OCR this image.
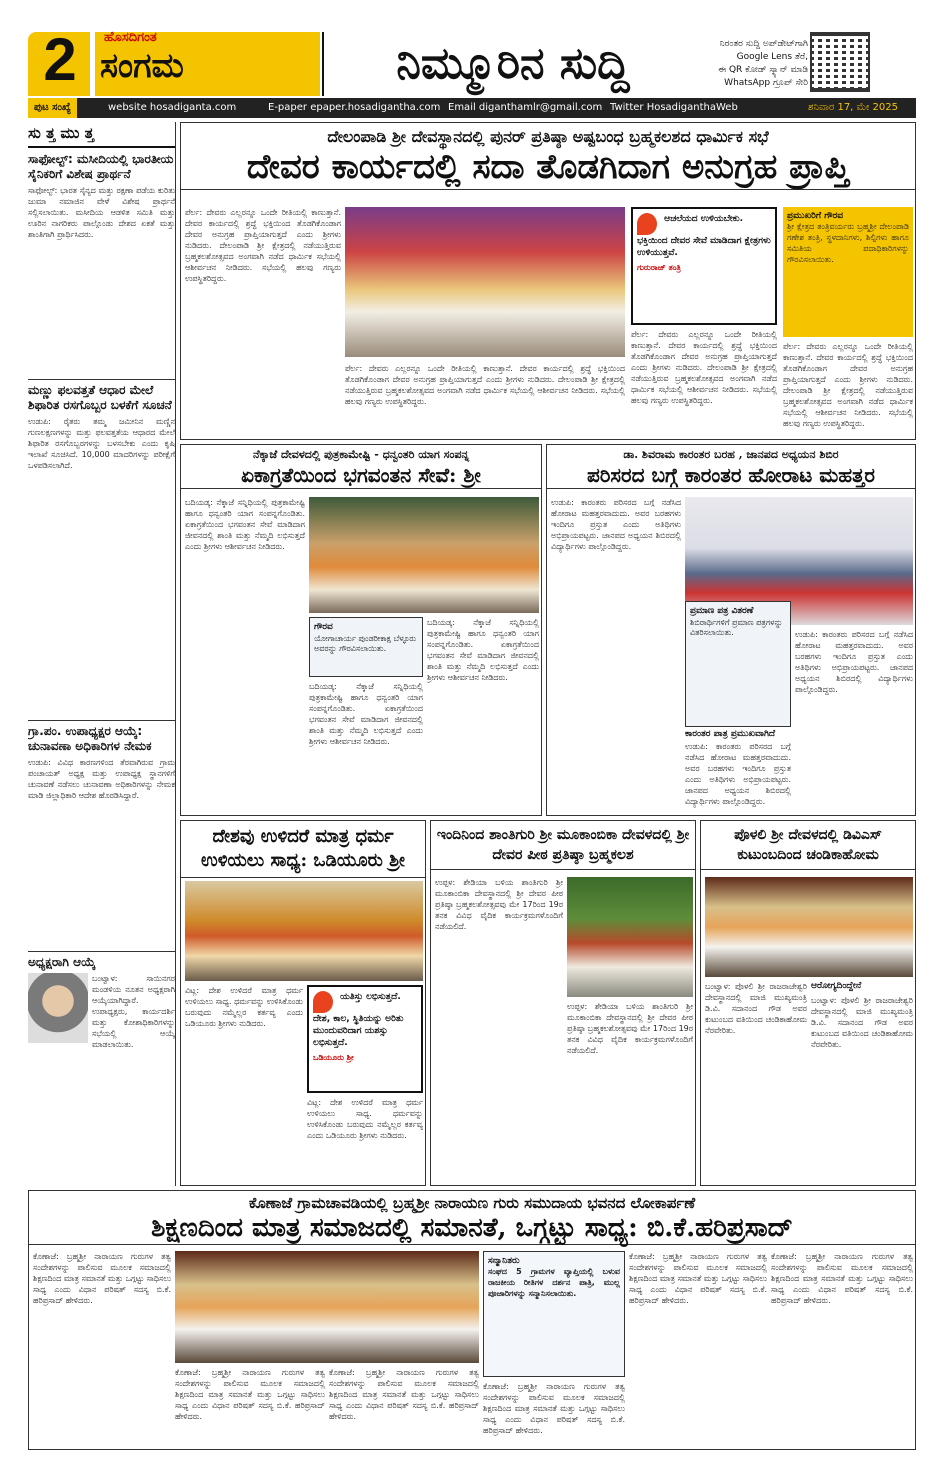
2	ಹೊಸದಿಗಂತ
ಸಂಗಮ	ನಿಮ್ಮೂರಿನ ಸುದ್ದಿ	ನಿರಂತರ ಸುದ್ದಿ ಅಪ್‌ಡೇಟ್‌ಗಾಗಿ
Google Lens ತೆರೆ,
ಈ QR ಕೋಡ್ ಸ್ಕ್ಯಾನ್ ಮಾಡಿ
WhatsApp ಗ್ರೂಪ್ ಸೇರಿ
ಪುಟ ಸಂಖ್ಯೆ	website hosadiganta.com	E-paper epaper.hosadigantha.com Email diganthamlr@gmail.com Twitter HosadiganthaWeb	ಶನಿವಾರ 17, ಮೇ 2025
ಸು ತ್ತ ಮು ತ್ತ
ಸಾಫೋಲ್ಟ್: ಮಸೀದಿಯಲ್ಲಿ ಭಾರತೀಯ ಸೈನಿಕರಿಗೆ ವಿಶೇಷ ಪ್ರಾರ್ಥನೆ
ಸಾಫೋಲ್ಟ್: ಭಾರತ ಸೈನ್ಯದ ಮತ್ತು ರಕ್ಷಣಾ ಪಡೆಯ ಕುರಿತು ಜುಮಾ ನಮಾಜಿನ ವೇಳೆ ವಿಶೇಷ ಪ್ರಾರ್ಥನೆ ಸಲ್ಲಿಸಲಾಯಿತು. ಮಸೀದಿಯ ಆಡಳಿತ ಸಮಿತಿ ಮತ್ತು ಊರಿನ ನಾಗರಿಕರು ಪಾಲ್ಗೊಂಡು ದೇಶದ ಏಕತೆ ಮತ್ತು ಶಾಂತಿಗಾಗಿ ಪ್ರಾರ್ಥಿಸಿದರು.
ಮಣ್ಣು ಫಲವತ್ತತೆ ಆಧಾರ ಮೇಲೆ ಶಿಫಾರಿತ ರಸಗೊಬ್ಬರ ಬಳಕೆಗೆ ಸೂಚನೆ
ಉಡುಪಿ: ರೈತರು ತಮ್ಮ ಜಮೀನಿನ ಮಣ್ಣಿನ ಗುಣಲಕ್ಷಣಗಳನ್ನು ಮತ್ತು ಫಲವತ್ತತೆಯ ಆಧಾರದ ಮೇಲೆ ಶಿಫಾರಿತ ರಸಗೊಬ್ಬರಗಳನ್ನು ಬಳಸಬೇಕು ಎಂದು ಕೃಷಿ ಇಲಾಖೆ ಸೂಚಿಸಿದೆ. 10,000 ಮಾದರಿಗಳನ್ನು ಪರೀಕ್ಷೆಗೆ ಒಳಪಡಿಸಲಾಗಿದೆ.
ಗ್ರಾ.ಪಂ. ಉಪಾಧ್ಯಕ್ಷರ ಆಯ್ಕೆ: ಚುನಾವಣಾ ಅಧಿಕಾರಿಗಳ ನೇಮಕ
ಉಡುಪಿ: ವಿವಿಧ ಕಾರಣಗಳಿಂದ ತೆರವಾಗಿರುವ ಗ್ರಾಮ ಪಂಚಾಯತ್ ಅಧ್ಯಕ್ಷ ಮತ್ತು ಉಪಾಧ್ಯಕ್ಷ ಸ್ಥಾನಗಳಿಗೆ ಚುನಾವಣೆ ನಡೆಸಲು ಚುನಾವಣಾ ಅಧಿಕಾರಿಗಳನ್ನು ನೇಮಕ ಮಾಡಿ ಜಿಲ್ಲಾಧಿಕಾರಿ ಆದೇಶ ಹೊರಡಿಸಿದ್ದಾರೆ.
ಅಧ್ಯಕ್ಷರಾಗಿ ಆಯ್ಕೆ
ಬಂಟ್ವಾಳ: ಸಾಯಿನಗರ ಮಂಡಳಿಯ ನೂತನ ಅಧ್ಯಕ್ಷರಾಗಿ ಆಯ್ಕೆಯಾಗಿದ್ದಾರೆ. ಉಪಾಧ್ಯಕ್ಷರು, ಕಾರ್ಯದರ್ಶಿ ಮತ್ತು ಕೋಶಾಧಿಕಾರಿಗಳನ್ನು ಸಭೆಯಲ್ಲಿ ಆಯ್ಕೆ ಮಾಡಲಾಯಿತು.
ದೇಲಂಪಾಡಿ ಶ್ರೀ ದೇವಸ್ಥಾನದಲ್ಲಿ ಪುನರ್ ಪ್ರತಿಷ್ಠಾ ಅಷ್ಟಬಂಧ ಬ್ರಹ್ಮಕಲಶದ ಧಾರ್ಮಿಕ ಸಭೆ
ದೇವರ ಕಾರ್ಯದಲ್ಲಿ ಸದಾ ತೊಡಗಿದಾಗ ಅನುಗ್ರಹ ಪ್ರಾಪ್ತಿ
ಪೆರ್ಲ: ದೇವರು ಎಲ್ಲರನ್ನೂ ಒಂದೇ ರೀತಿಯಲ್ಲಿ ಕಾಣುತ್ತಾನೆ. ದೇವರ ಕಾರ್ಯದಲ್ಲಿ ಶ್ರದ್ಧೆ ಭಕ್ತಿಯಿಂದ ತೊಡಗಿಕೊಂಡಾಗ ದೇವರ ಅನುಗ್ರಹ ಪ್ರಾಪ್ತಿಯಾಗುತ್ತದೆ ಎಂದು ಶ್ರೀಗಳು ನುಡಿದರು. ದೇಲಂಪಾಡಿ ಶ್ರೀ ಕ್ಷೇತ್ರದಲ್ಲಿ ನಡೆಯುತ್ತಿರುವ ಬ್ರಹ್ಮಕಲಶೋತ್ಸವದ ಅಂಗವಾಗಿ ನಡೆದ ಧಾರ್ಮಿಕ ಸಭೆಯಲ್ಲಿ ಆಶೀರ್ವಚನ ನೀಡಿದರು. ಸಭೆಯಲ್ಲಿ ಹಲವು ಗಣ್ಯರು ಉಪಸ್ಥಿತರಿದ್ದರು.
ಪೆರ್ಲ: ದೇವರು ಎಲ್ಲರನ್ನೂ ಒಂದೇ ರೀತಿಯಲ್ಲಿ ಕಾಣುತ್ತಾನೆ. ದೇವರ ಕಾರ್ಯದಲ್ಲಿ ಶ್ರದ್ಧೆ ಭಕ್ತಿಯಿಂದ ತೊಡಗಿಕೊಂಡಾಗ ದೇವರ ಅನುಗ್ರಹ ಪ್ರಾಪ್ತಿಯಾಗುತ್ತದೆ ಎಂದು ಶ್ರೀಗಳು ನುಡಿದರು. ದೇಲಂಪಾಡಿ ಶ್ರೀ ಕ್ಷೇತ್ರದಲ್ಲಿ ನಡೆಯುತ್ತಿರುವ ಬ್ರಹ್ಮಕಲಶೋತ್ಸವದ ಅಂಗವಾಗಿ ನಡೆದ ಧಾರ್ಮಿಕ ಸಭೆಯಲ್ಲಿ ಆಶೀರ್ವಚನ ನೀಡಿದರು. ಸಭೆಯಲ್ಲಿ ಹಲವು ಗಣ್ಯರು ಉಪಸ್ಥಿತರಿದ್ದರು.
ಆಚಲೆಯದ ಉಳಿಯಬೇಕು. ಭಕ್ತಿಯಿಂದ ದೇವರ ಸೇವೆ ಮಾಡಿದಾಗ ಕ್ಷೇತ್ರಗಳು ಉಳಿಯುತ್ತವೆ.
ಗುರುರಾಜ್ ತಂತ್ರಿ
ಪೆರ್ಲ: ದೇವರು ಎಲ್ಲರನ್ನೂ ಒಂದೇ ರೀತಿಯಲ್ಲಿ ಕಾಣುತ್ತಾನೆ. ದೇವರ ಕಾರ್ಯದಲ್ಲಿ ಶ್ರದ್ಧೆ ಭಕ್ತಿಯಿಂದ ತೊಡಗಿಕೊಂಡಾಗ ದೇವರ ಅನುಗ್ರಹ ಪ್ರಾಪ್ತಿಯಾಗುತ್ತದೆ ಎಂದು ಶ್ರೀಗಳು ನುಡಿದರು. ದೇಲಂಪಾಡಿ ಶ್ರೀ ಕ್ಷೇತ್ರದಲ್ಲಿ ನಡೆಯುತ್ತಿರುವ ಬ್ರಹ್ಮಕಲಶೋತ್ಸವದ ಅಂಗವಾಗಿ ನಡೆದ ಧಾರ್ಮಿಕ ಸಭೆಯಲ್ಲಿ ಆಶೀರ್ವಚನ ನೀಡಿದರು. ಸಭೆಯಲ್ಲಿ ಹಲವು ಗಣ್ಯರು ಉಪಸ್ಥಿತರಿದ್ದರು.
ಪ್ರಮುಖರಿಗೆ ಗೌರವ
ಶ್ರೀ ಕ್ಷೇತ್ರದ ತಂತ್ರಿವರ್ಯರು ಬ್ರಹ್ಮಶ್ರೀ ದೇಲಂಪಾಡಿ ಗಣೇಶ ತಂತ್ರಿ, ಸ್ಥಳದಾನಿಗಳು, ಶಿಲ್ಪಿಗಳು ಹಾಗೂ ಸಮಿತಿಯ ಪದಾಧಿಕಾರಿಗಳನ್ನು ಗೌರವಿಸಲಾಯಿತು.
ಪೆರ್ಲ: ದೇವರು ಎಲ್ಲರನ್ನೂ ಒಂದೇ ರೀತಿಯಲ್ಲಿ ಕಾಣುತ್ತಾನೆ. ದೇವರ ಕಾರ್ಯದಲ್ಲಿ ಶ್ರದ್ಧೆ ಭಕ್ತಿಯಿಂದ ತೊಡಗಿಕೊಂಡಾಗ ದೇವರ ಅನುಗ್ರಹ ಪ್ರಾಪ್ತಿಯಾಗುತ್ತದೆ ಎಂದು ಶ್ರೀಗಳು ನುಡಿದರು. ದೇಲಂಪಾಡಿ ಶ್ರೀ ಕ್ಷೇತ್ರದಲ್ಲಿ ನಡೆಯುತ್ತಿರುವ ಬ್ರಹ್ಮಕಲಶೋತ್ಸವದ ಅಂಗವಾಗಿ ನಡೆದ ಧಾರ್ಮಿಕ ಸಭೆಯಲ್ಲಿ ಆಶೀರ್ವಚನ ನೀಡಿದರು. ಸಭೆಯಲ್ಲಿ ಹಲವು ಗಣ್ಯರು ಉಪಸ್ಥಿತರಿದ್ದರು.
ನೆಕ್ಕಾಜೆ ದೇವಳದಲ್ಲಿ ಪುತ್ರಕಾಮೇಷ್ಟಿ - ಧನ್ವಂತರಿ ಯಾಗ ಸಂಪನ್ನ
ಏಕಾಗ್ರತೆಯಿಂದ ಭಗವಂತನ ಸೇವೆ: ಶ್ರೀ
ಬದಿಯಡ್ಕ: ನೆಕ್ಕಾಜೆ ಸನ್ನಿಧಿಯಲ್ಲಿ ಪುತ್ರಕಾಮೇಷ್ಟಿ ಹಾಗೂ ಧನ್ವಂತರಿ ಯಾಗ ಸಂಪನ್ನಗೊಂಡಿತು. ಏಕಾಗ್ರತೆಯಿಂದ ಭಗವಂತನ ಸೇವೆ ಮಾಡಿದಾಗ ಜೀವನದಲ್ಲಿ ಶಾಂತಿ ಮತ್ತು ನೆಮ್ಮದಿ ಲಭಿಸುತ್ತದೆ ಎಂದು ಶ್ರೀಗಳು ಆಶೀರ್ವಚನ ನೀಡಿದರು.
ಗೌರವ
ಯೋಗಾಚಾರ್ಯ ಪುಂಡರೀಕಾಕ್ಷ ಬೆಳ್ಳೂರು ಅವರನ್ನು ಗೌರವಿಸಲಾಯಿತು.
ಬದಿಯಡ್ಕ: ನೆಕ್ಕಾಜೆ ಸನ್ನಿಧಿಯಲ್ಲಿ ಪುತ್ರಕಾಮೇಷ್ಟಿ ಹಾಗೂ ಧನ್ವಂತರಿ ಯಾಗ ಸಂಪನ್ನಗೊಂಡಿತು. ಏಕಾಗ್ರತೆಯಿಂದ ಭಗವಂತನ ಸೇವೆ ಮಾಡಿದಾಗ ಜೀವನದಲ್ಲಿ ಶಾಂತಿ ಮತ್ತು ನೆಮ್ಮದಿ ಲಭಿಸುತ್ತದೆ ಎಂದು ಶ್ರೀಗಳು ಆಶೀರ್ವಚನ ನೀಡಿದರು.
ಬದಿಯಡ್ಕ: ನೆಕ್ಕಾಜೆ ಸನ್ನಿಧಿಯಲ್ಲಿ ಪುತ್ರಕಾಮೇಷ್ಟಿ ಹಾಗೂ ಧನ್ವಂತರಿ ಯಾಗ ಸಂಪನ್ನಗೊಂಡಿತು. ಏಕಾಗ್ರತೆಯಿಂದ ಭಗವಂತನ ಸೇವೆ ಮಾಡಿದಾಗ ಜೀವನದಲ್ಲಿ ಶಾಂತಿ ಮತ್ತು ನೆಮ್ಮದಿ ಲಭಿಸುತ್ತದೆ ಎಂದು ಶ್ರೀಗಳು ಆಶೀರ್ವಚನ ನೀಡಿದರು.
ಡಾ. ಶಿವರಾಮ ಕಾರಂತರ ಬರಹ , ಜಾನಪದ ಅಧ್ಯಯನ ಶಿಬಿರ
ಪರಿಸರದ ಬಗ್ಗೆ ಕಾರಂತರ ಹೋರಾಟ ಮಹತ್ತರ
ಉಡುಪಿ: ಕಾರಂತರು ಪರಿಸರದ ಬಗ್ಗೆ ನಡೆಸಿದ ಹೋರಾಟ ಮಹತ್ತರವಾದುದು. ಅವರ ಬರಹಗಳು ಇಂದಿಗೂ ಪ್ರಸ್ತುತ ಎಂದು ಅತಿಥಿಗಳು ಅಭಿಪ್ರಾಯಪಟ್ಟರು. ಜಾನಪದ ಅಧ್ಯಯನ ಶಿಬಿರದಲ್ಲಿ ವಿದ್ಯಾರ್ಥಿಗಳು ಪಾಲ್ಗೊಂಡಿದ್ದರು.
ಪ್ರಮಾಣ ಪತ್ರ ವಿತರಣೆ
ಶಿಬಿರಾರ್ಥಿಗಳಿಗೆ ಪ್ರಮಾಣ ಪತ್ರಗಳನ್ನು ವಿತರಿಸಲಾಯಿತು.
ಕಾರಂತರ ಪಾತ್ರ ಪ್ರಮುಖವಾಗಿದೆ
ಉಡುಪಿ: ಕಾರಂತರು ಪರಿಸರದ ಬಗ್ಗೆ ನಡೆಸಿದ ಹೋರಾಟ ಮಹತ್ತರವಾದುದು. ಅವರ ಬರಹಗಳು ಇಂದಿಗೂ ಪ್ರಸ್ತುತ ಎಂದು ಅತಿಥಿಗಳು ಅಭಿಪ್ರಾಯಪಟ್ಟರು. ಜಾನಪದ ಅಧ್ಯಯನ ಶಿಬಿರದಲ್ಲಿ ವಿದ್ಯಾರ್ಥಿಗಳು ಪಾಲ್ಗೊಂಡಿದ್ದರು.
ಉಡುಪಿ: ಕಾರಂತರು ಪರಿಸರದ ಬಗ್ಗೆ ನಡೆಸಿದ ಹೋರಾಟ ಮಹತ್ತರವಾದುದು. ಅವರ ಬರಹಗಳು ಇಂದಿಗೂ ಪ್ರಸ್ತುತ ಎಂದು ಅತಿಥಿಗಳು ಅಭಿಪ್ರಾಯಪಟ್ಟರು. ಜಾನಪದ ಅಧ್ಯಯನ ಶಿಬಿರದಲ್ಲಿ ವಿದ್ಯಾರ್ಥಿಗಳು ಪಾಲ್ಗೊಂಡಿದ್ದರು.
ದೇಶವು ಉಳಿದರೆ ಮಾತ್ರ ಧರ್ಮ ಉಳಿಯಲು ಸಾಧ್ಯ: ಒಡಿಯೂರು ಶ್ರೀ
ವಿಟ್ಲ: ದೇಶ ಉಳಿದರೆ ಮಾತ್ರ ಧರ್ಮ ಉಳಿಯಲು ಸಾಧ್ಯ. ಧರ್ಮವನ್ನು ಉಳಿಸಿಕೊಂಡು ಬರುವುದು ನಮ್ಮೆಲ್ಲರ ಕರ್ತವ್ಯ ಎಂದು ಒಡಿಯೂರು ಶ್ರೀಗಳು ನುಡಿದರು.
ಯತಿಸ್ತು ಲಭಿಸುತ್ತದೆ. ದೇಶ, ಕಾಲ, ಸ್ಥಿತಿಯನ್ನು ಅರಿತು ಮುಂದುವರಿದಾಗ ಯಶಸ್ಸು ಲಭಿಸುತ್ತದೆ.
ಒಡಿಯೂರು ಶ್ರೀ
ವಿಟ್ಲ: ದೇಶ ಉಳಿದರೆ ಮಾತ್ರ ಧರ್ಮ ಉಳಿಯಲು ಸಾಧ್ಯ. ಧರ್ಮವನ್ನು ಉಳಿಸಿಕೊಂಡು ಬರುವುದು ನಮ್ಮೆಲ್ಲರ ಕರ್ತವ್ಯ ಎಂದು ಒಡಿಯೂರು ಶ್ರೀಗಳು ನುಡಿದರು.
ಇಂದಿನಿಂದ ಶಾಂತಿಗುರಿ ಶ್ರೀ ಮೂಕಾಂಬಿಕಾ ದೇವಳದಲ್ಲಿ ಶ್ರೀ ದೇವರ ಪೀಠ ಪ್ರತಿಷ್ಠಾ ಬ್ರಹ್ಮಕಲಶ
ಉಪ್ಪಳ: ಶೇಡಿಯಾ ಬಳಿಯ ಶಾಂತಿಗುರಿ ಶ್ರೀ ಮೂಕಾಂಬಿಕಾ ದೇವಸ್ಥಾನದಲ್ಲಿ ಶ್ರೀ ದೇವರ ಪೀಠ ಪ್ರತಿಷ್ಠಾ ಬ್ರಹ್ಮಕಲಶೋತ್ಸವವು ಮೇ 17ರಿಂದ 19ರ ತನಕ ವಿವಿಧ ವೈದಿಕ ಕಾರ್ಯಕ್ರಮಗಳೊಂದಿಗೆ ನಡೆಯಲಿದೆ.
ಉಪ್ಪಳ: ಶೇಡಿಯಾ ಬಳಿಯ ಶಾಂತಿಗುರಿ ಶ್ರೀ ಮೂಕಾಂಬಿಕಾ ದೇವಸ್ಥಾನದಲ್ಲಿ ಶ್ರೀ ದೇವರ ಪೀಠ ಪ್ರತಿಷ್ಠಾ ಬ್ರಹ್ಮಕಲಶೋತ್ಸವವು ಮೇ 17ರಿಂದ 19ರ ತನಕ ವಿವಿಧ ವೈದಿಕ ಕಾರ್ಯಕ್ರಮಗಳೊಂದಿಗೆ ನಡೆಯಲಿದೆ.
ಪೊಳಲಿ ಶ್ರೀ ದೇವಳದಲ್ಲಿ ಡಿವಿಎಸ್ ಕುಟುಂಬದಿಂದ ಚಂಡಿಕಾಹೋಮ
ಬಂಟ್ವಾಳ: ಪೊಳಲಿ ಶ್ರೀ ರಾಜರಾಜೇಶ್ವರಿ ದೇವಸ್ಥಾನದಲ್ಲಿ ಮಾಜಿ ಮುಖ್ಯಮಂತ್ರಿ ಡಿ.ವಿ. ಸದಾನಂದ ಗೌಡ ಅವರ ಕುಟುಂಬದ ವತಿಯಿಂದ ಚಂಡಿಕಾಹೋಮ ನೆರವೇರಿತು.
ಆರೋಗ್ಯದಿಂದ್ದೇನೆ
ಬಂಟ್ವಾಳ: ಪೊಳಲಿ ಶ್ರೀ ರಾಜರಾಜೇಶ್ವರಿ ದೇವಸ್ಥಾನದಲ್ಲಿ ಮಾಜಿ ಮುಖ್ಯಮಂತ್ರಿ ಡಿ.ವಿ. ಸದಾನಂದ ಗೌಡ ಅವರ ಕುಟುಂಬದ ವತಿಯಿಂದ ಚಂಡಿಕಾಹೋಮ ನೆರವೇರಿತು.
ಕೊಣಾಜೆ ಗ್ರಾಮಚಾವಡಿಯಲ್ಲಿ ಬ್ರಹ್ಮಶ್ರೀ ನಾರಾಯಣ ಗುರು ಸಮುದಾಯ ಭವನದ ಲೋಕಾರ್ಪಣೆ
ಶಿಕ್ಷಣದಿಂದ ಮಾತ್ರ ಸಮಾಜದಲ್ಲಿ ಸಮಾನತೆ, ಒಗ್ಗಟ್ಟು ಸಾಧ್ಯ: ಬಿ.ಕೆ.ಹರಿಪ್ರಸಾದ್
ಕೊಣಾಜೆ: ಬ್ರಹ್ಮಶ್ರೀ ನಾರಾಯಣ ಗುರುಗಳ ತತ್ವ ಸಂದೇಶಗಳನ್ನು ಪಾಲಿಸುವ ಮೂಲಕ ಸಮಾಜದಲ್ಲಿ ಶಿಕ್ಷಣದಿಂದ ಮಾತ್ರ ಸಮಾನತೆ ಮತ್ತು ಒಗ್ಗಟ್ಟು ಸಾಧಿಸಲು ಸಾಧ್ಯ ಎಂದು ವಿಧಾನ ಪರಿಷತ್ ಸದಸ್ಯ ಬಿ.ಕೆ. ಹರಿಪ್ರಸಾದ್ ಹೇಳಿದರು.
ಕೊಣಾಜೆ: ಬ್ರಹ್ಮಶ್ರೀ ನಾರಾಯಣ ಗುರುಗಳ ತತ್ವ ಸಂದೇಶಗಳನ್ನು ಪಾಲಿಸುವ ಮೂಲಕ ಸಮಾಜದಲ್ಲಿ ಶಿಕ್ಷಣದಿಂದ ಮಾತ್ರ ಸಮಾನತೆ ಮತ್ತು ಒಗ್ಗಟ್ಟು ಸಾಧಿಸಲು ಸಾಧ್ಯ ಎಂದು ವಿಧಾನ ಪರಿಷತ್ ಸದಸ್ಯ ಬಿ.ಕೆ. ಹರಿಪ್ರಸಾದ್ ಹೇಳಿದರು.
ಕೊಣಾಜೆ: ಬ್ರಹ್ಮಶ್ರೀ ನಾರಾಯಣ ಗುರುಗಳ ತತ್ವ ಸಂದೇಶಗಳನ್ನು ಪಾಲಿಸುವ ಮೂಲಕ ಸಮಾಜದಲ್ಲಿ ಶಿಕ್ಷಣದಿಂದ ಮಾತ್ರ ಸಮಾನತೆ ಮತ್ತು ಒಗ್ಗಟ್ಟು ಸಾಧಿಸಲು ಸಾಧ್ಯ ಎಂದು ವಿಧಾನ ಪರಿಷತ್ ಸದಸ್ಯ ಬಿ.ಕೆ. ಹರಿಪ್ರಸಾದ್ ಹೇಳಿದರು.
ಸನ್ಮಾನಿತರು
ಸಂಘದ 5 ಗ್ರಾಮಗಳ ವ್ಯಾಪ್ತಿಯಲ್ಲಿ ಬಳುವ ರಾಜಕೀಯ ರೀತಿಗಳ ದರ್ಶನ ಪಾತ್ರಿ, ಮುಲ್ಲ ಪೂಜಾರಿಗಳನ್ನು ಸನ್ಮಾನಿಸಲಾಯಿತು.
ಕೊಣಾಜೆ: ಬ್ರಹ್ಮಶ್ರೀ ನಾರಾಯಣ ಗುರುಗಳ ತತ್ವ ಸಂದೇಶಗಳನ್ನು ಪಾಲಿಸುವ ಮೂಲಕ ಸಮಾಜದಲ್ಲಿ ಶಿಕ್ಷಣದಿಂದ ಮಾತ್ರ ಸಮಾನತೆ ಮತ್ತು ಒಗ್ಗಟ್ಟು ಸಾಧಿಸಲು ಸಾಧ್ಯ ಎಂದು ವಿಧಾನ ಪರಿಷತ್ ಸದಸ್ಯ ಬಿ.ಕೆ. ಹರಿಪ್ರಸಾದ್ ಹೇಳಿದರು.
ಕೊಣಾಜೆ: ಬ್ರಹ್ಮಶ್ರೀ ನಾರಾಯಣ ಗುರುಗಳ ತತ್ವ ಸಂದೇಶಗಳನ್ನು ಪಾಲಿಸುವ ಮೂಲಕ ಸಮಾಜದಲ್ಲಿ ಶಿಕ್ಷಣದಿಂದ ಮಾತ್ರ ಸಮಾನತೆ ಮತ್ತು ಒಗ್ಗಟ್ಟು ಸಾಧಿಸಲು ಸಾಧ್ಯ ಎಂದು ವಿಧಾನ ಪರಿಷತ್ ಸದಸ್ಯ ಬಿ.ಕೆ. ಹರಿಪ್ರಸಾದ್ ಹೇಳಿದರು.
ಕೊಣಾಜೆ: ಬ್ರಹ್ಮಶ್ರೀ ನಾರಾಯಣ ಗುರುಗಳ ತತ್ವ ಸಂದೇಶಗಳನ್ನು ಪಾಲಿಸುವ ಮೂಲಕ ಸಮಾಜದಲ್ಲಿ ಶಿಕ್ಷಣದಿಂದ ಮಾತ್ರ ಸಮಾನತೆ ಮತ್ತು ಒಗ್ಗಟ್ಟು ಸಾಧಿಸಲು ಸಾಧ್ಯ ಎಂದು ವಿಧಾನ ಪರಿಷತ್ ಸದಸ್ಯ ಬಿ.ಕೆ. ಹರಿಪ್ರಸಾದ್ ಹೇಳಿದರು.
